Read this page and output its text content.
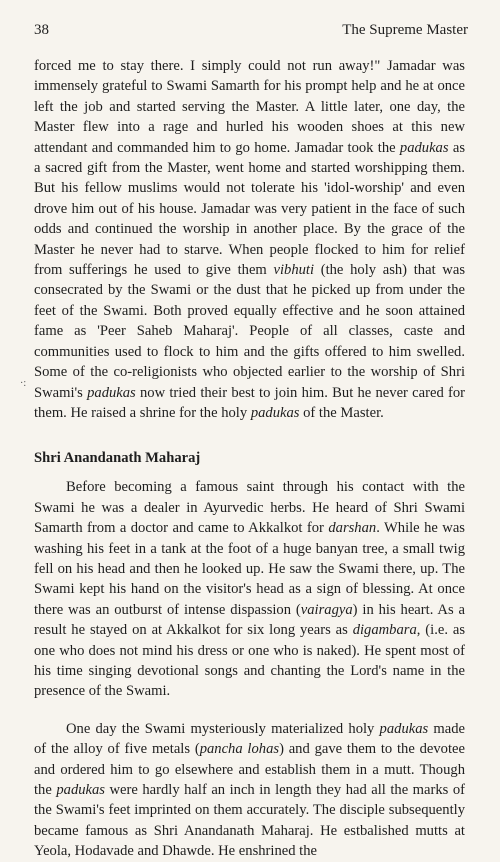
38	The Supreme Master
·:

forced me to stay there. I simply could not run away!" Jamadar was immensely grateful to Swami Samarth for his prompt help and he at once left the job and started serving the Master. A little later, one day, the Master flew into a rage and hurled his wooden shoes at this new attendant and commanded him to go home. Jamadar took the padukas as a sacred gift from the Master, went home and started worshipping them. But his fellow muslims would not tolerate his 'idol-worship' and even drove him out of his house. Jamadar was very patient in the face of such odds and continued the worship in another place. By the grace of the Master he never had to starve. When people flocked to him for relief from sufferings he used to give them vibhuti (the holy ash) that was consecrated by the Swami or the dust that he picked up from under the feet of the Swami. Both proved equally effective and he soon attained fame as 'Peer Saheb Maharaj'. People of all classes, caste and communities used to flock to him and the gifts offered to him swelled. Some of the co-religionists who objected earlier to the worship of Shri Swami's padukas now tried their best to join him. But he never cared for them. He raised a shrine for the holy padukas of the Master.

Shri Anandanath Maharaj

Before becoming a famous saint through his contact with the Swami he was a dealer in Ayurvedic herbs. He heard of Shri Swami Samarth from a doctor and came to Akkalkot for darshan. While he was washing his feet in a tank at the foot of a huge banyan tree, a small twig fell on his head and then he looked up. He saw the Swami there, up. The Swami kept his hand on the visitor's head as a sign of blessing. At once there was an outburst of intense dispassion (vairagya) in his heart. As a result he stayed on at Akkalkot for six long years as digambara, (i.e. as one who does not mind his dress or one who is naked). He spent most of his time singing devotional songs and chanting the Lord's name in the presence of the Swami.

One day the Swami mysteriously materialized holy padukas made of the alloy of five metals (pancha lohas) and gave them to the devotee and ordered him to go elsewhere and establish them in a mutt. Though the padukas were hardly half an inch in length they had all the marks of the Swami's feet imprinted on them accurately. The disciple subsequently became famous as Shri Anandanath Maharaj. He estbalished mutts at Yeola, Hodavade and Dhawde. He enshrined the
